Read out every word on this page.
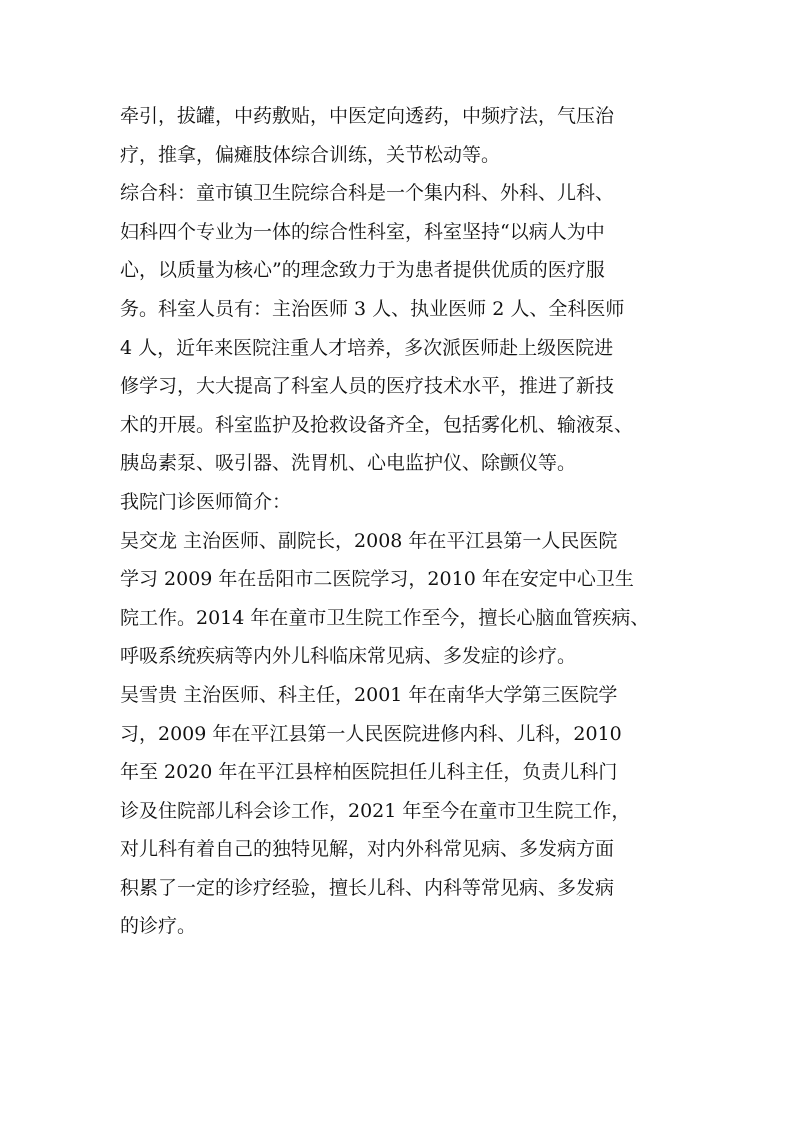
牵引，拔罐，中药敷贴，中医定向透药，中频疗法，气压治
疗，推拿，偏瘫肢体综合训练，关节松动等。
综合科：童市镇卫生院综合科是一个集内科、外科、儿科、
妇科四个专业为一体的综合性科室，科室坚持“以病人为中
心，以质量为核心”的理念致力于为患者提供优质的医疗服
务。科室人员有：主治医师 3 人、执业医师 2 人、全科医师
4 人，近年来医院注重人才培养，多次派医师赴上级医院进
修学习，大大提高了科室人员的医疗技术水平，推进了新技
术的开展。科室监护及抢救设备齐全，包括雾化机、输液泵、
胰岛素泵、吸引器、洗胃机、心电监护仪、除颤仪等。
我院门诊医师简介：
吴交龙 主治医师、副院长，2008 年在平江县第一人民医院
学习 2009 年在岳阳市二医院学习，2010 年在安定中心卫生
院工作。2014 年在童市卫生院工作至今，擅长心脑血管疾病、
呼吸系统疾病等内外儿科临床常见病、多发症的诊疗。
吴雪贵 主治医师、科主任，2001 年在南华大学第三医院学
习，2009 年在平江县第一人民医院进修内科、儿科，2010
年至 2020 年在平江县梓柏医院担任儿科主任，负责儿科门
诊及住院部儿科会诊工作，2021 年至今在童市卫生院工作，
对儿科有着自己的独特见解，对内外科常见病、多发病方面
积累了一定的诊疗经验，擅长儿科、内科等常见病、多发病
的诊疗。
